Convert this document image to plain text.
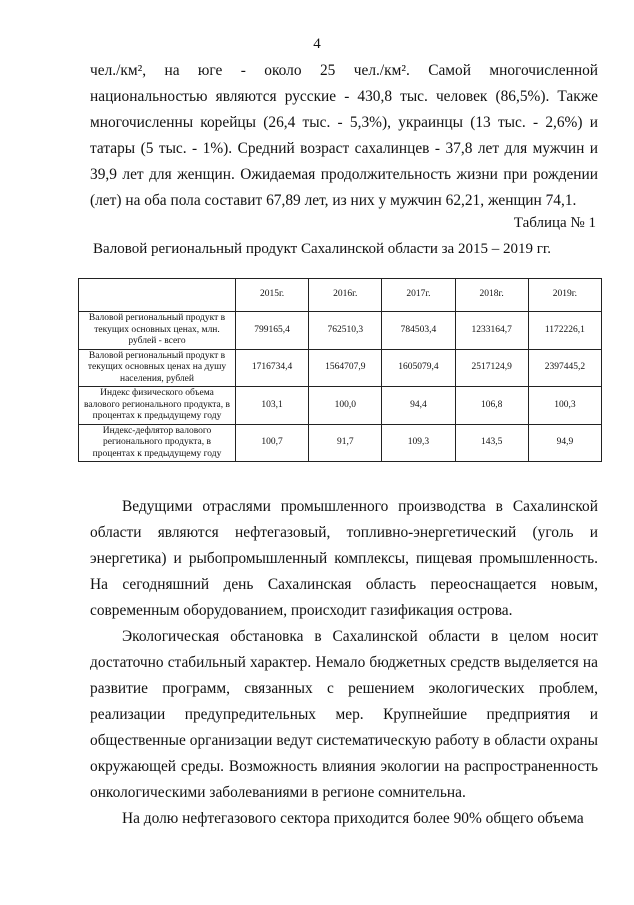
4

чел./км², на юге - около 25 чел./км². Самой многочисленной национальностью являются русские - 430,8 тыс. человек (86,5%). Также многочисленны корейцы (26,4 тыс. - 5,3%), украинцы (13 тыс. - 2,6%) и татары (5 тыс. - 1%). Средний возраст сахалинцев - 37,8 лет для мужчин и 39,9 лет для женщин. Ожидаемая продолжительность жизни при рождении (лет) на оба пола составит 67,89 лет, из них у мужчин 62,21, женщин 74,1.

Таблица № 1
Валовой региональный продукт Сахалинской области за 2015 – 2019 гг.
	2015г.	2016г.	2017г.	2018г.	2019г.
Валовой региональный продукт в текущих основных ценах, млн. рублей - всего	799165,4	762510,3	784503,4	1233164,7	1172226,1
Валовой региональный продукт в текущих основных ценах на душу населения, рублей	1716734,4	1564707,9	1605079,4	2517124,9	2397445,2
Индекс физического объема валового регионального продукта, в процентах к предыдущему году	103,1	100,0	94,4	106,8	100,3
Индекс-дефлятор валового регионального продукта, в процентах к предыдущему году	100,7	91,7	109,3	143,5	94,9

Ведущими отраслями промышленного производства в Сахалинской области являются нефтегазовый, топливно-энергетический (уголь и энергетика) и рыбопромышленный комплексы, пищевая промышленность. На сегодняшний день Сахалинская область переоснащается новым, современным оборудованием, происходит газификация острова.

Экологическая обстановка в Сахалинской области в целом носит достаточно стабильный характер. Немало бюджетных средств выделяется на развитие программ, связанных с решением экологических проблем, реализации предупредительных мер. Крупнейшие предприятия и общественные организации ведут систематическую работу в области охраны окружающей среды. Возможность влияния экологии на распространенность онкологическими заболеваниями в регионе сомнительна.

На долю нефтегазового сектора приходится более 90% общего объема
